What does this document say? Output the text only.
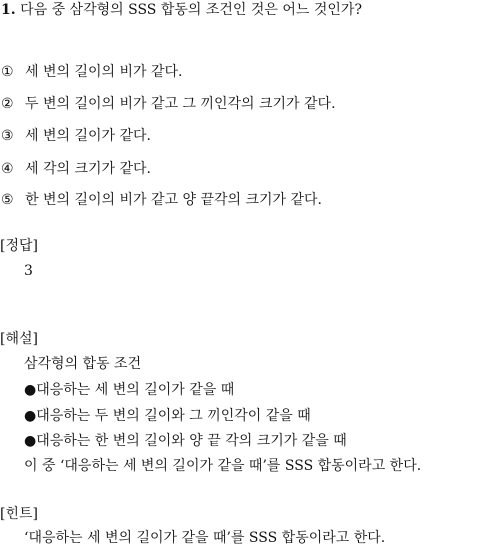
1. 다음 중 삼각형의 SSS 합동의 조건인 것은 어느 것인가?
① 세 변의 길이의 비가 같다.
② 두 변의 길이의 비가 같고 그 끼인각의 크기가 같다.
③ 세 변의 길이가 같다.
④ 세 각의 크기가 같다.
⑤ 한 변의 길이의 비가 같고 양 끝각의 크기가 같다.
[정답]
3
[해설]
삼각형의 합동 조건
●대응하는 세 변의 길이가 같을 때
●대응하는 두 변의 길이와 그 끼인각이 같을 때
●대응하는 한 변의 길이와 양 끝 각의 크기가 같을 때
이 중 ‘대응하는 세 변의 길이가 같을 때’를 SSS 합동이라고 한다.
[힌트]
‘대응하는 세 변의 길이가 같을 때’를 SSS 합동이라고 한다.
